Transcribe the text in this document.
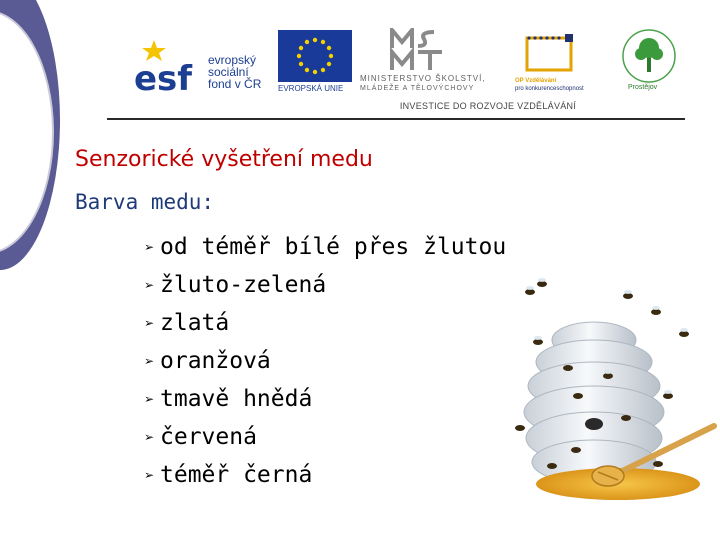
esf evropský
sociální
fond v ČR	EVROPSKÁ UNIE
MINISTERSTVO ŠKOLSTVÍ,
MLÁDEŽE A TĚLOVÝCHOVY
OP Vzdělávání
pro konkurenceschopnost	Prostějov
INVESTICE DO ROZVOJE VZDĚLÁVÁNÍ
Senzorické vyšetření medu
Barva medu:
➢ od téměř bílé přes žlutou
➢ žluto-zelená
➢ zlatá
➢ oranžová
➢ tmavě hnědá
➢ červená
➢ téměř černá
